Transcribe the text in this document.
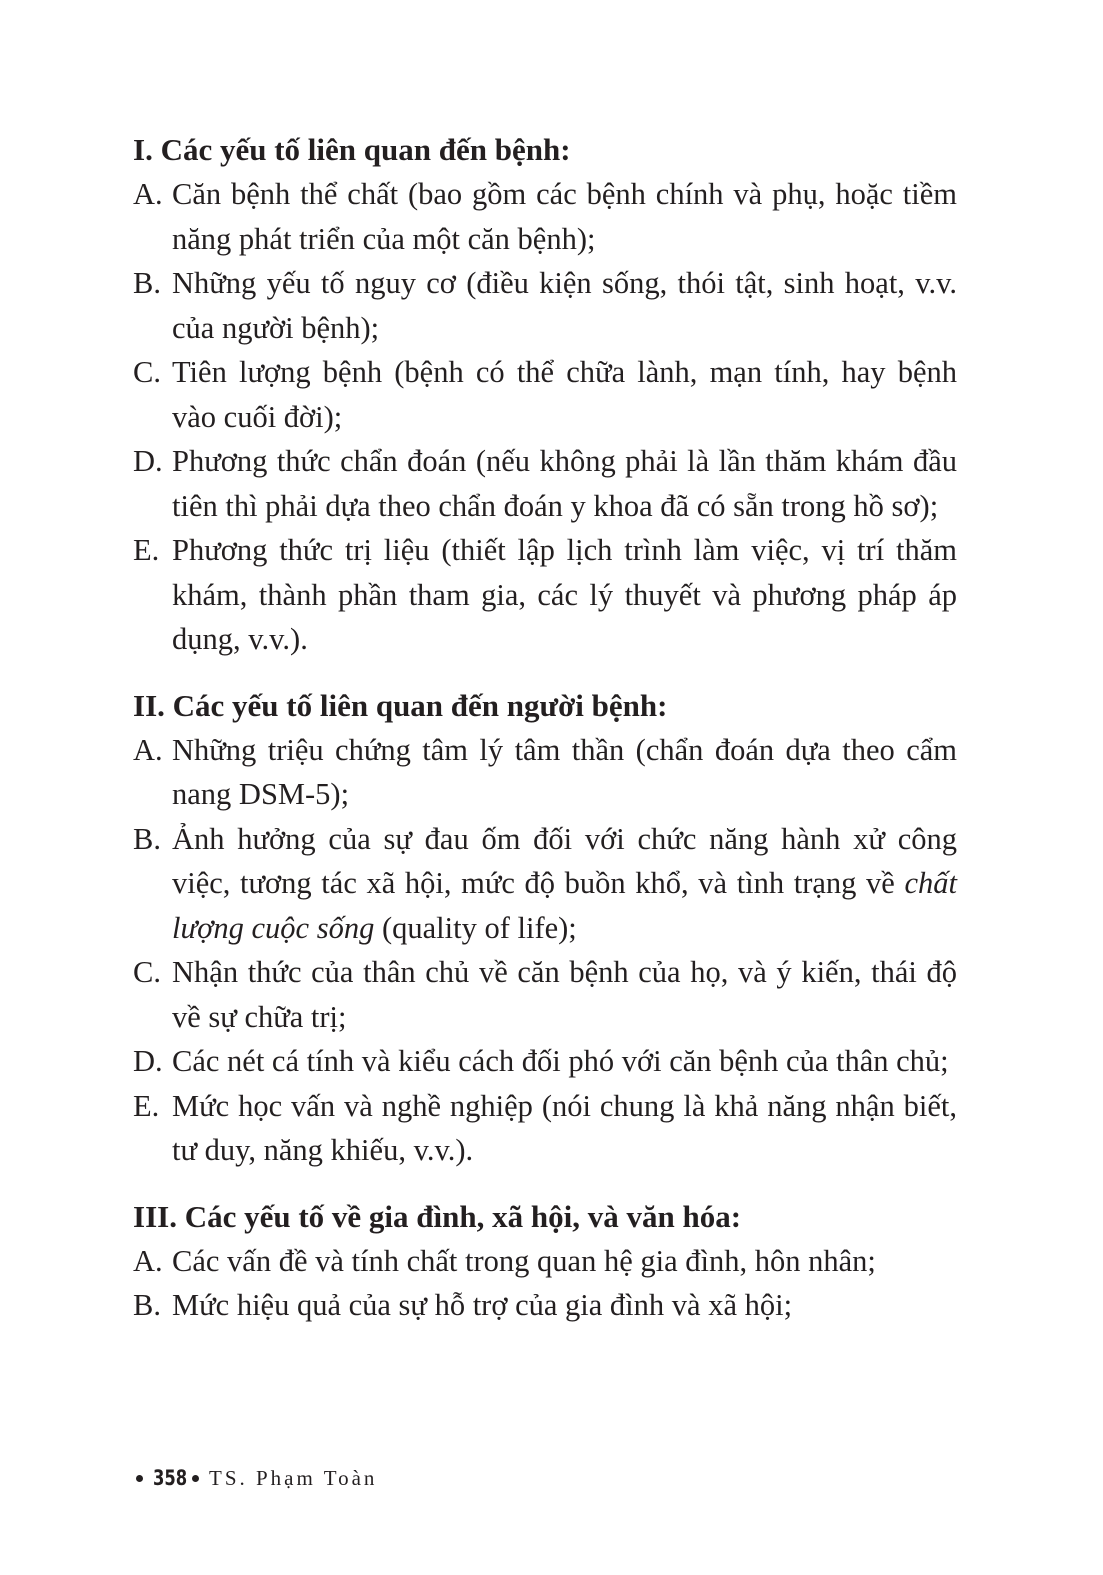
I. Các yếu tố liên quan đến bệnh:
A. Căn bệnh thể chất (bao gồm các bệnh chính và phụ, hoặc tiềm năng phát triển của một căn bệnh);
B. Những yếu tố nguy cơ (điều kiện sống, thói tật, sinh hoạt, v.v. của người bệnh);
C. Tiên lượng bệnh (bệnh có thể chữa lành, mạn tính, hay bệnh vào cuối đời);
D. Phương thức chẩn đoán (nếu không phải là lần thăm khám đầu tiên thì phải dựa theo chẩn đoán y khoa đã có sẵn trong hồ sơ);
E. Phương thức trị liệu (thiết lập lịch trình làm việc, vị trí thăm khám, thành phần tham gia, các lý thuyết và phương pháp áp dụng, v.v.).
II. Các yếu tố liên quan đến người bệnh:
A. Những triệu chứng tâm lý tâm thần (chẩn đoán dựa theo cẩm nang DSM-5);
B. Ảnh hưởng của sự đau ốm đối với chức năng hành xử công việc, tương tác xã hội, mức độ buồn khổ, và tình trạng về chất lượng cuộc sống (quality of life);
C. Nhận thức của thân chủ về căn bệnh của họ, và ý kiến, thái độ về sự chữa trị;
D. Các nét cá tính và kiểu cách đối phó với căn bệnh của thân chủ;
E. Mức học vấn và nghề nghiệp (nói chung là khả năng nhận biết, tư duy, năng khiếu, v.v.).
III. Các yếu tố về gia đình, xã hội, và văn hóa:
A. Các vấn đề và tính chất trong quan hệ gia đình, hôn nhân;
B. Mức hiệu quả của sự hỗ trợ của gia đình và xã hội;
358 TS. Phạm Toàn
